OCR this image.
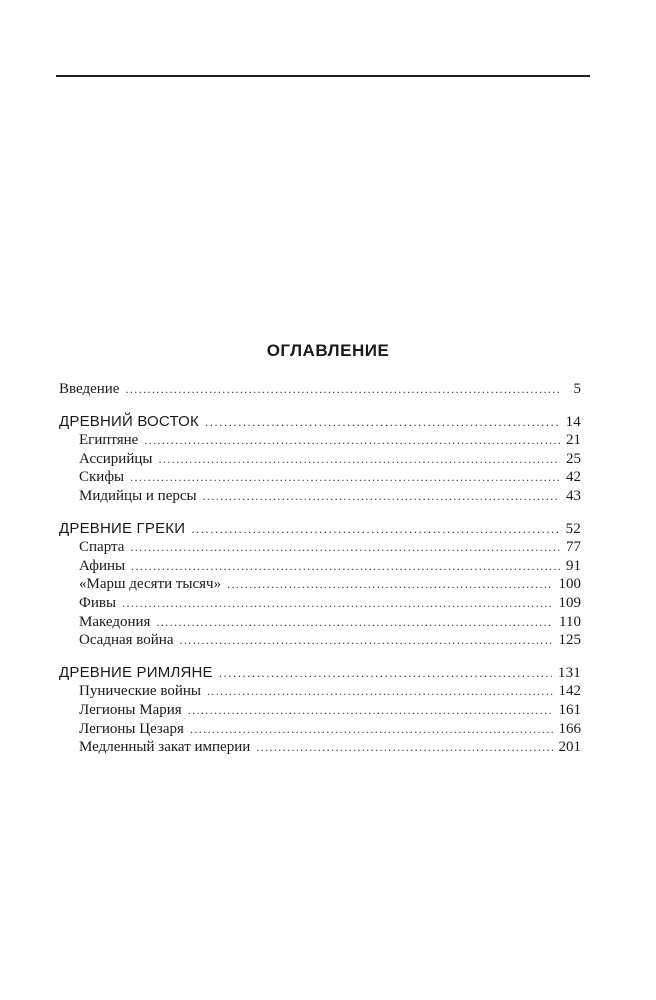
ОГЛАВЛЕНИЕ
Введение .....	5
ДРЕВНИЙ ВОСТОК .....	14
Египтяне .....	21
Ассирийцы .....	25
Скифы .....	42
Мидийцы и персы .....	43
ДРЕВНИЕ ГРЕКИ .....	52
Спарта .....	77
Афины .....	91
«Марш десяти тысяч» .....	100
Фивы .....	109
Македония .....	110
Осадная война .....	125
ДРЕВНИЕ РИМЛЯНЕ .....	131
Пунические войны .....	142
Легионы Мария .....	161
Легионы Цезаря .....	166
Медленный закат империи .....	201
